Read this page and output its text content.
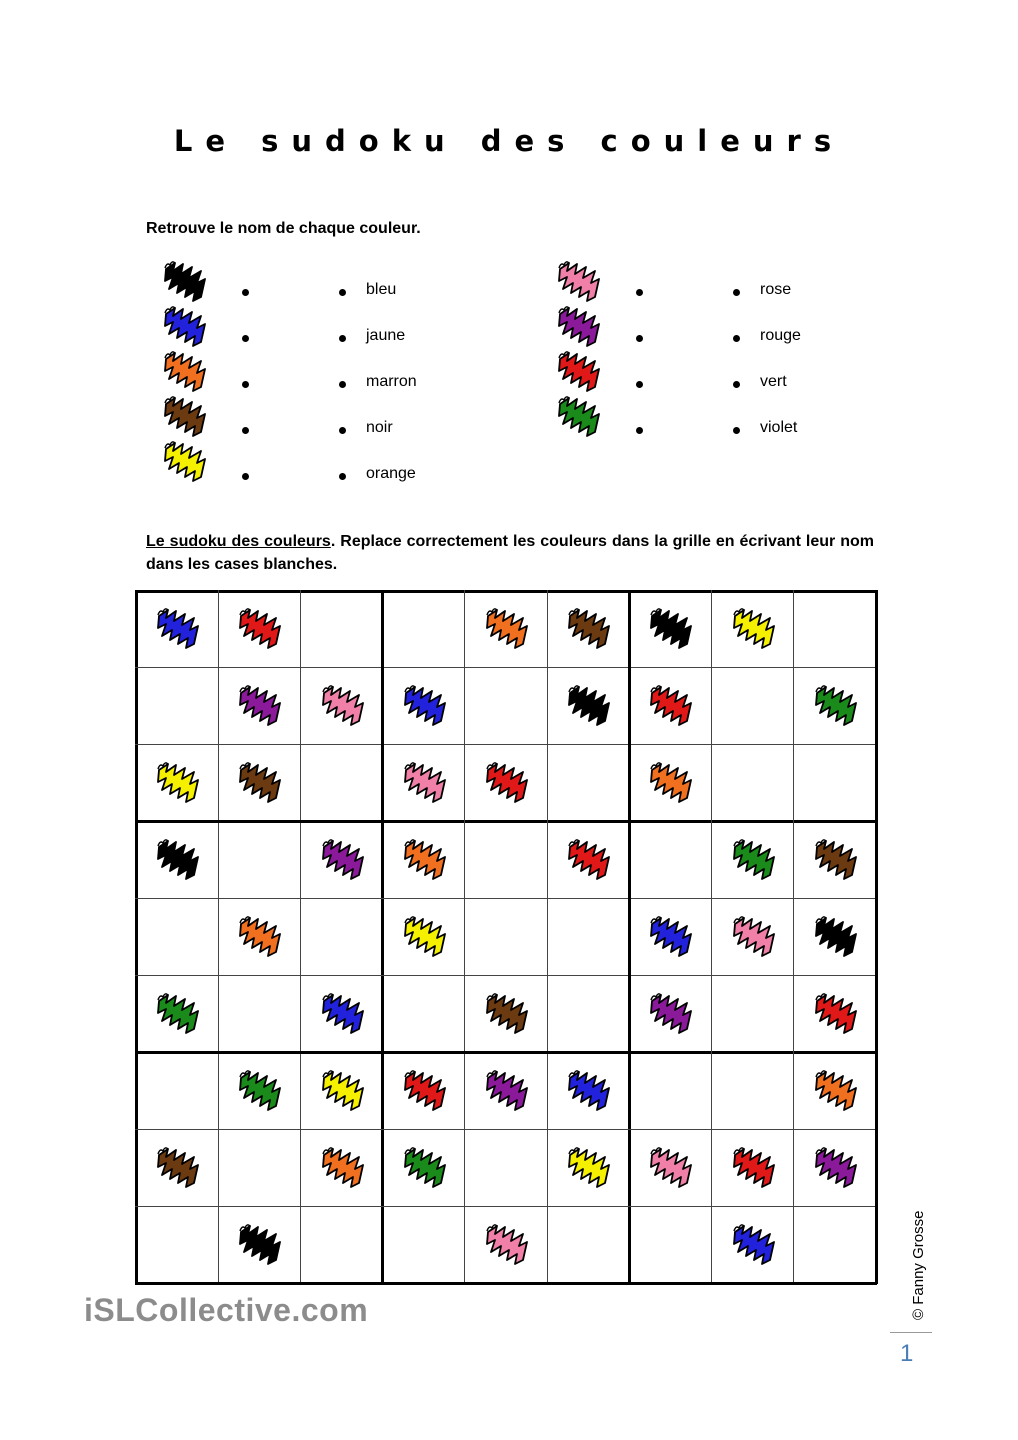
Le sudoku des couleurs
Retrouve le nom de chaque couleur.
bleu
jaune
marron
noir
orange
rose
rouge
vert
violet
Le sudoku des couleurs. Replace correctement les couleurs dans la grille en écrivant leur nom dans les cases blanches.
iSLCollective.com	© Fanny Grosse
1
